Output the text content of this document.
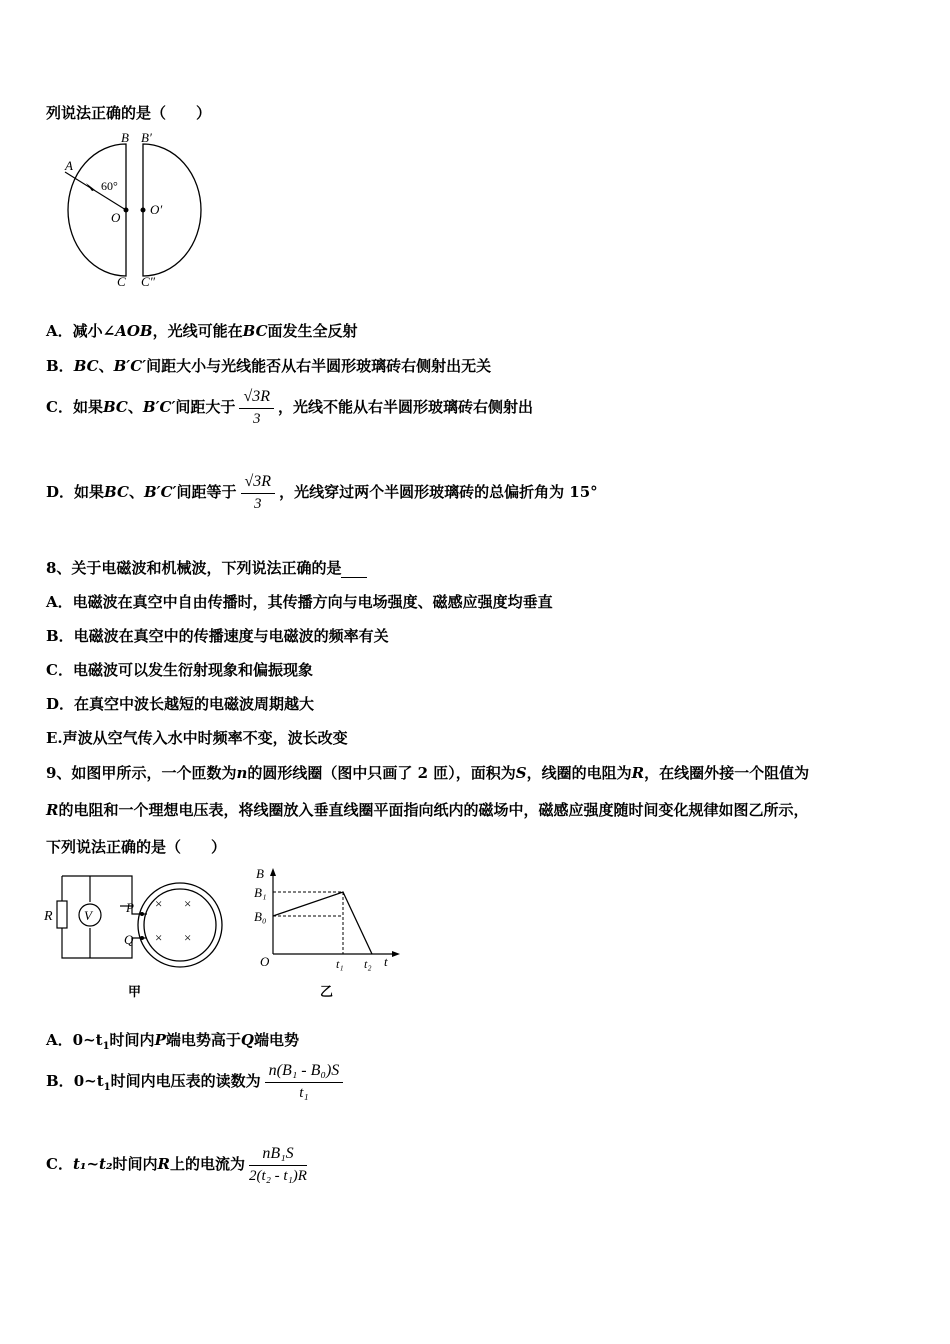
列说法正确的是（　　）
B B′
A
60°
O
O′
C C″
A．减小∠AOB，光线可能在BC面发生全反射
B．BC、B′C′间距大小与光线能否从右半圆形玻璃砖右侧射出无关
C．如果BC、B′C′间距大于 $\frac{√3R}{3}$ ，光线不能从右半圆形玻璃砖右侧射出
D．如果BC、B′C′间距等于 $\frac{√3R}{3}$ ，光线穿过两个半圆形玻璃砖的总偏折角为 15°
8、关于电磁波和机械波，下列说法正确的是
A．电磁波在真空中自由传播时，其传播方向与电场强度、磁感应强度均垂直
B．电磁波在真空中的传播速度与电磁波的频率有关
C．电磁波可以发生衍射现象和偏振现象
D．在真空中波长越短的电磁波周期越大
E.声波从空气传入水中时频率不变，波长改变
9、如图甲所示，一个匝数为n的圆形线圈（图中只画了 2 匝），面积为S，线圈的电阻为R，在线圈外接一个阻值为
R的电阻和一个理想电压表，将线圈放入垂直线圈平面指向纸内的磁场中，磁感应强度随时间变化规律如图乙所示，
下列说法正确的是（　　）
V
R
P
Q
× ×
× ×
甲
B
B₁
B₀
O	t₁ t₂ t
乙
A．$0\sim t_1$时间内P端电势高于Q端电势
B．$0\sim t_1$时间内电压表的读数为 $\frac{\text{n(B₁ - B₀)S}}{\text{t₁}}$
C．t₁~t₂时间内R上的电流为 $\frac{\text{nB₁S}}{\text{2(t₂ - t₁)R}}$
